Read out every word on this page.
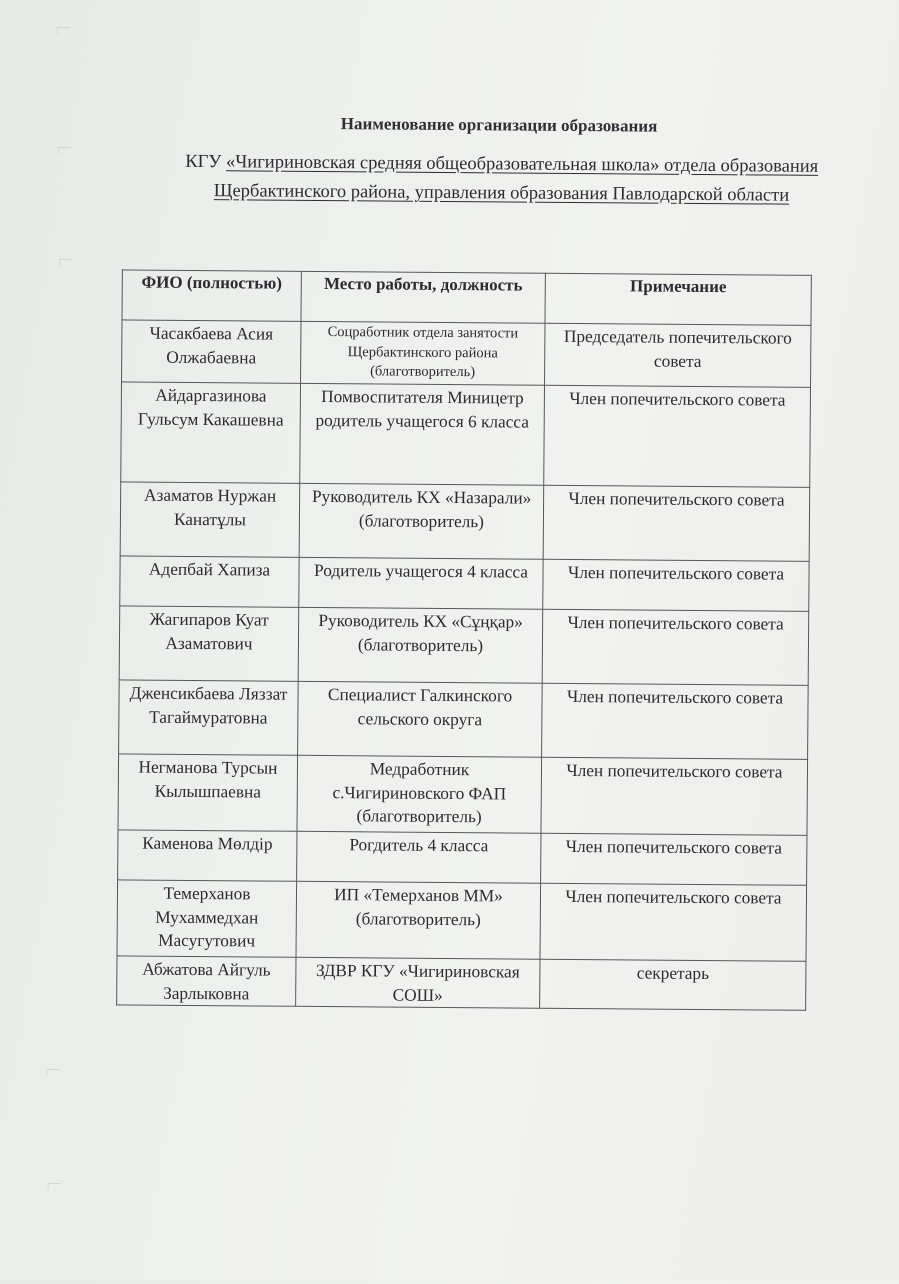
Наименование организации образования
КГУ «Чигириновская средняя общеобразовательная школа» отдела образования Щербактинского района, управления образования Павлодарской области
ФИО (полностью)	Место работы, должность	Примечание
Часакбаева Асия Олжабаевна	Соцработник отдела занятости Щербактинского района (благотворитель)	Председатель попечительского совета
Айдаргазинова Гульсум Какашевна	Помвоспитателя Миницетр родитель учащегося 6 класса	Член попечительского совета
Азаматов Нуржан Канатұлы	Руководитель КХ «Назарали» (благотворитель)	Член попечительского совета
Адепбай Хапиза	Родитель учащегося 4 класса	Член попечительского совета
Жагипаров Куат Азаматович	Руководитель КХ «Сұңқар» (благотворитель)	Член попечительского совета
Дженсикбаева Ляззат Тагаймуратовна	Специалист Галкинского сельского округа	Член попечительского совета
Негманова Турсын Кылышпаевна	Медработник с.Чигириновского ФАП (благотворитель)	Член попечительского совета
Каменова Мөлдір	Рогдитель 4 класса	Член попечительского совета
Темерханов Мухаммедхан Масугутович	ИП «Темерханов ММ» (благотворитель)	Член попечительского совета
Абжатова Айгуль Зарлыковна	ЗДВР КГУ «Чигириновская СОШ»	секретарь
